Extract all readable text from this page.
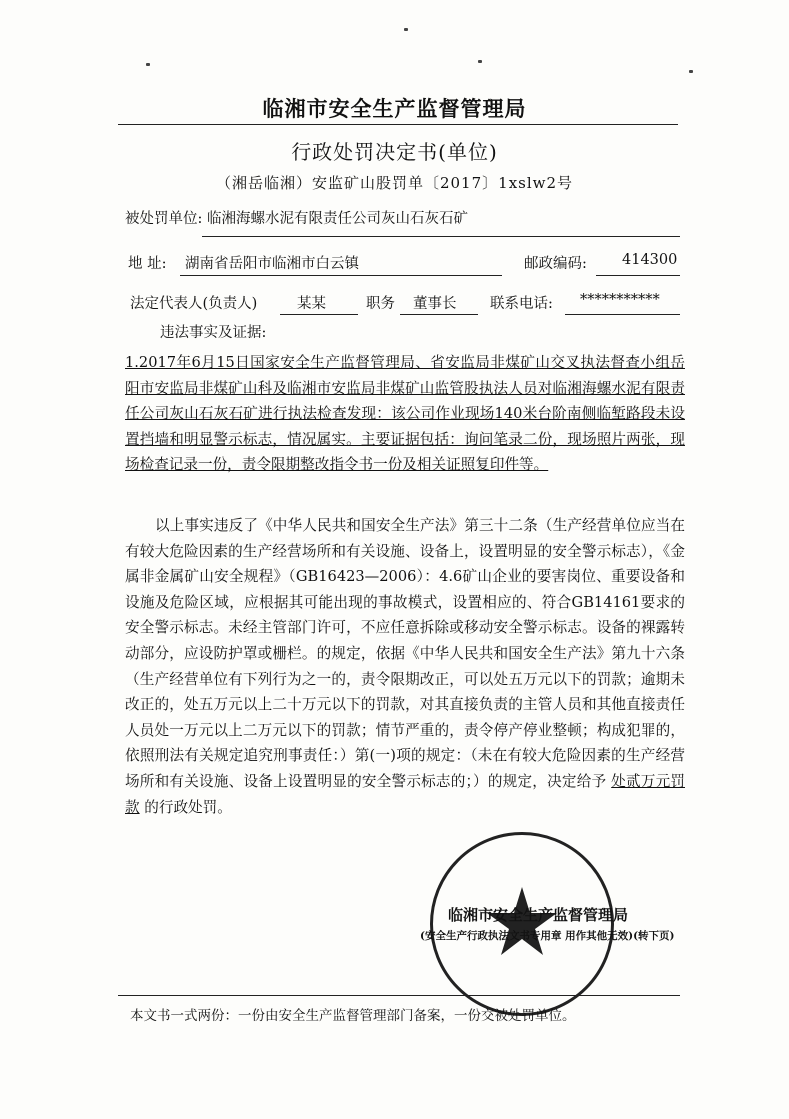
临湘市安全生产监督管理局
行政处罚决定书(单位)
（湘岳临湘）安监矿山股罚单〔2017〕1xslw2号
被处罚单位: 临湘海螺水泥有限责任公司灰山石灰石矿
地 址: 湖南省岳阳市临湘市白云镇	邮政编码: 414300
法定代表人(负责人)	某某	职务 董事长 联系电话: ***********
违法事实及证据:
1.2017年6月15日国家安全生产监督管理局、省安监局非煤矿山交叉执法督查小组岳阳市安监局非煤矿山科及临湘市安监局非煤矿山监管股执法人员对临湘海螺水泥有限责任公司灰山石灰石矿进行执法检查发现：该公司作业现场140米台阶南侧临堑路段未设置挡墙和明显警示标志，情况属实。主要证据包括：询问笔录二份，现场照片两张，现场检查记录一份，责令限期整改指令书一份及相关证照复印件等。
以上事实违反了《中华人民共和国安全生产法》第三十二条（生产经营单位应当在有较大危险因素的生产经营场所和有关设施、设备上，设置明显的安全警示标志），《金属非金属矿山安全规程》（GB16423—2006）：4.6矿山企业的要害岗位、重要设备和设施及危险区域，应根据其可能出现的事故模式，设置相应的、符合GB14161要求的安全警示标志。未经主管部门许可，不应任意拆除或移动安全警示标志。设备的裸露转动部分，应设防护罩或栅栏。的规定，依据《中华人民共和国安全生产法》第九十六条（生产经营单位有下列行为之一的，责令限期改正，可以处五万元以下的罚款；逾期未改正的，处五万元以上二十万元以下的罚款，对其直接负责的主管人员和其他直接责任人员处一万元以上二万元以下的罚款；情节严重的，责令停产停业整顿；构成犯罪的，依照刑法有关规定追究刑事责任：）第(一)项的规定：（未在有较大危险因素的生产经营场所和有关设施、设备上设置明显的安全警示标志的；）的规定，决定给予 处贰万元罚款 的行政处罚。
临湘市安全生产监督管理局
(安全生产行政执法文书专用章 用作其他无效)(转下页)
本文书一式两份：一份由安全生产监督管理部门备案，一份交被处罚单位。
